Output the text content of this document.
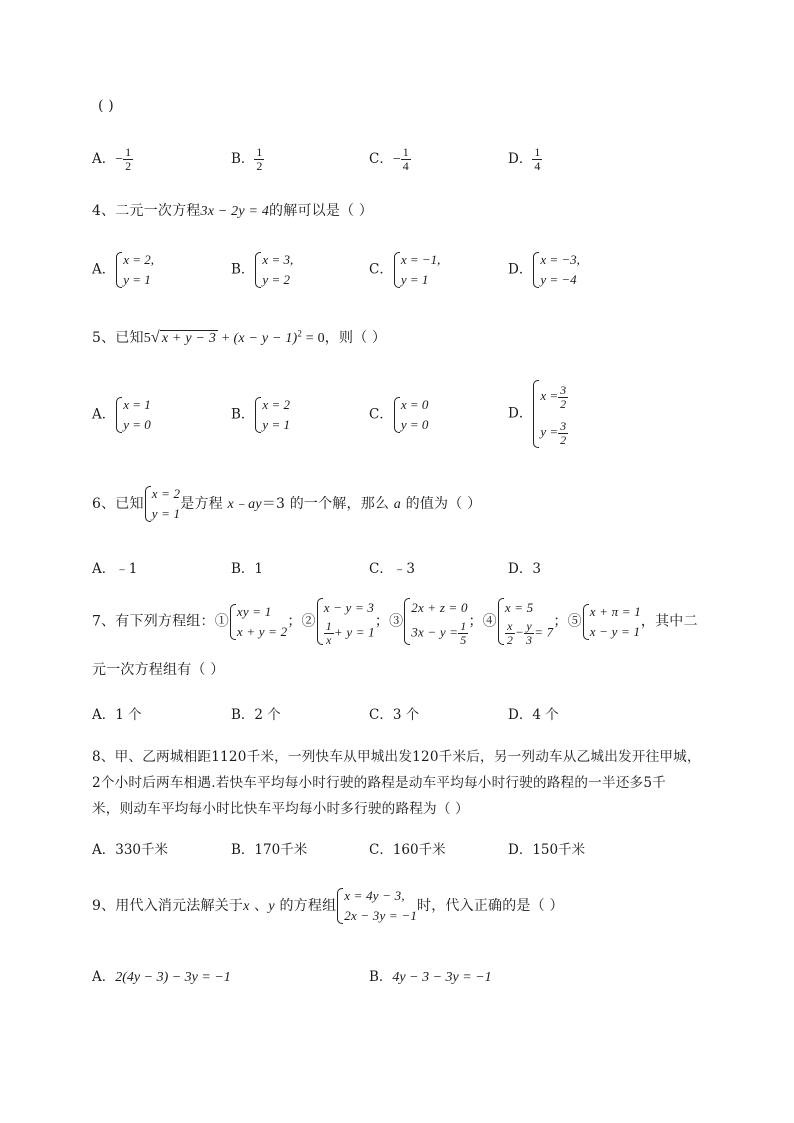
( )
A．− $\frac{1}{2}$	B． $\frac{1}{2}$	C．− $\frac{1}{4}$	D． $\frac{1}{4}$
4、二元一次方程3x − 2y = 4的解可以是（ ）
A．
x = 2,
y = 1
B．
x = 3,
y = 2
C．
x = −1,
y = 1
D．
x = −3,
y = −4
5、已知5√ $x + y - 3 + (x - y - 1)^2 = 0$，则（ ）
A．
x = 1
y = 0
B．
x = 2
y = 1
C．
x = 0
y = 0
D．
$x = \frac{3}{2}$
$y = \frac{3}{2}$
6、已知
x = 2
y = 1
是方程 x﹣ay＝3 的一个解，那么 a 的值为（ ）
A．﹣1	B．1	C．﹣3	D．3
7、有下列方程组：①
xy = 1
x + y = 2
；②
x − y = 3
$\frac{1}{x} + y = 1$
；③
2x + z = 0
$3x - y = \frac{1}{5}$ ；④
x = 5
$\frac{x}{2} - \frac{y}{3} = 7$
；⑤
x + π = 1
x − y = 1
，其中二
元一次方程组有（ ）
A．1 个	B．2 个	C．3 个	D．4 个
8、甲、乙两城相距1120千米，一列快车从甲城出发120千米后，另一列动车从乙城出发开往甲城，
2个小时后两车相遇.若快车平均每小时行驶的路程是动车平均每小时行驶的路程的一半还多5千
米，则动车平均每小时比快车平均每小时多行驶的路程为（ ）
A．330千米	B．170千米	C．160千米	D．150千米
9、用代入消元法解关于x 、y 的方程组
x = 4y − 3,
2x − 3y = −1
时，代入正确的是（ ）
A．2(4y − 3) − 3y = −1	B．4y − 3 − 3y = −1
